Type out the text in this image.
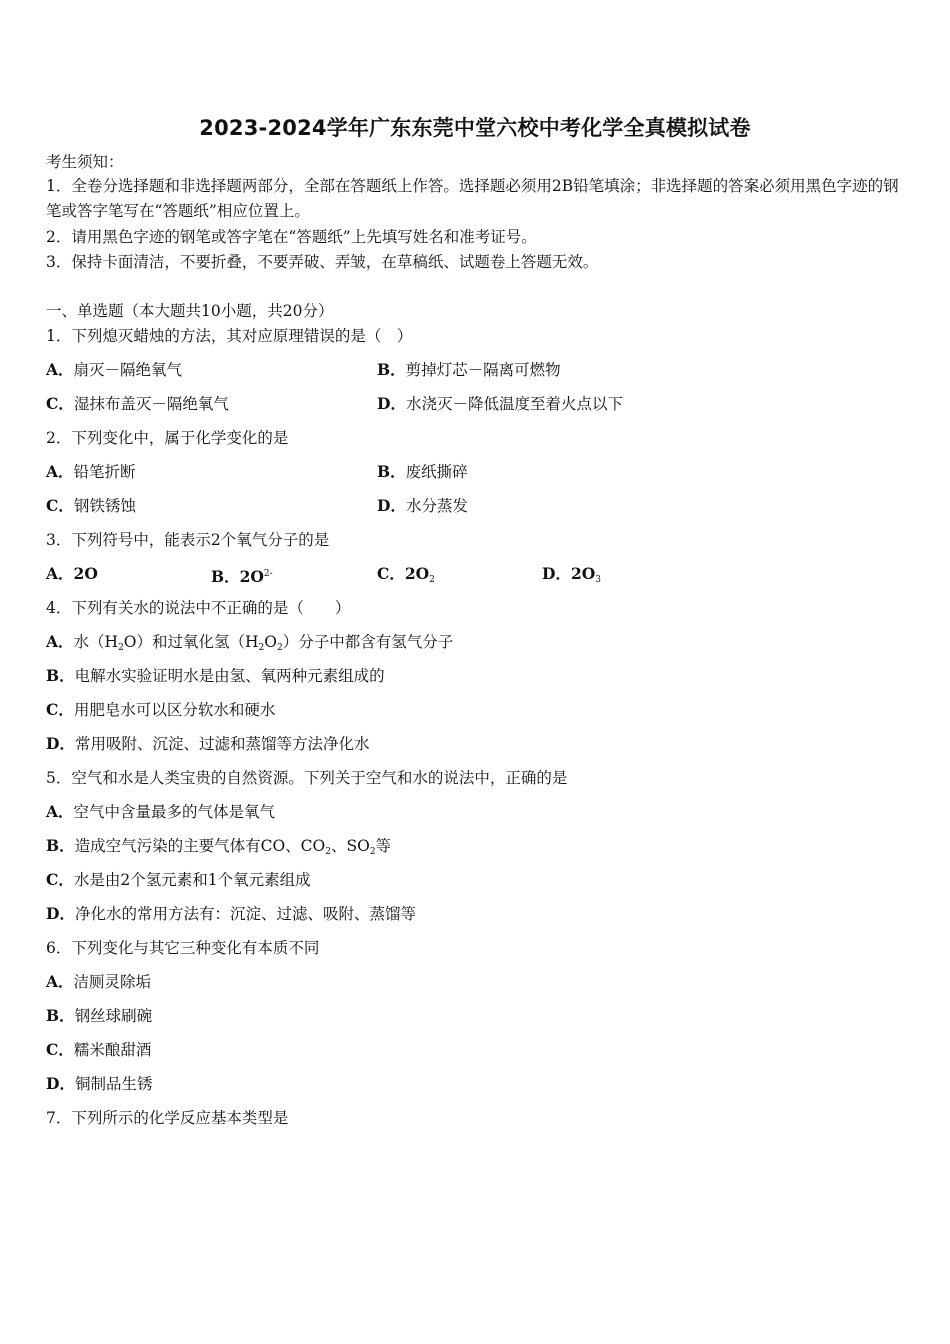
2023-2024学年广东东莞中堂六校中考化学全真模拟试卷
考生须知：
1．全卷分选择题和非选择题两部分，全部在答题纸上作答。选择题必须用2B铅笔填涂；非选择题的答案必须用黑色字迹的钢笔或答字笔写在“答题纸”相应位置上。
2．请用黑色字迹的钢笔或答字笔在“答题纸”上先填写姓名和准考证号。
3．保持卡面清洁，不要折叠，不要弄破、弄皱，在草稿纸、试题卷上答题无效。
一、单选题（本大题共10小题，共20分）
1．下列熄灭蜡烛的方法，其对应原理错误的是（　）
A．扇灭－隔绝氧气	B．剪掉灯芯－隔离可燃物
C．湿抹布盖灭－隔绝氧气	D．水浇灭－降低温度至着火点以下
2．下列变化中，属于化学变化的是
A．铅笔折断	B．废纸撕碎
C．钢铁锈蚀	D．水分蒸发
3．下列符号中，能表示2个氧气分子的是
A．2O	B．$2O^{2-}$	C．$2O_2$	D．$2O_3$
4．下列有关水的说法中不正确的是（　　）
A．水$(H_2O)$和过氧化氢$(H_2O_2)$分子中都含有氢气分子
B．电解水实验证明水是由氢、氧两种元素组成的
C．用肥皂水可以区分软水和硬水
D．常用吸附、沉淀、过滤和蒸馏等方法净化水
5．空气和水是人类宝贵的自然资源。下列关于空气和水的说法中，正确的是
A．空气中含量最多的气体是氧气
B．造成空气污染的主要气体有CO、$CO_2$、$SO_2$等
C．水是由2个氢元素和1个氧元素组成
D．净化水的常用方法有：沉淀、过滤、吸附、蒸馏等
6．下列变化与其它三种变化有本质不同
A．洁厕灵除垢
B．钢丝球刷碗
C．糯米酿甜酒
D．铜制品生锈
7．下列所示的化学反应基本类型是
